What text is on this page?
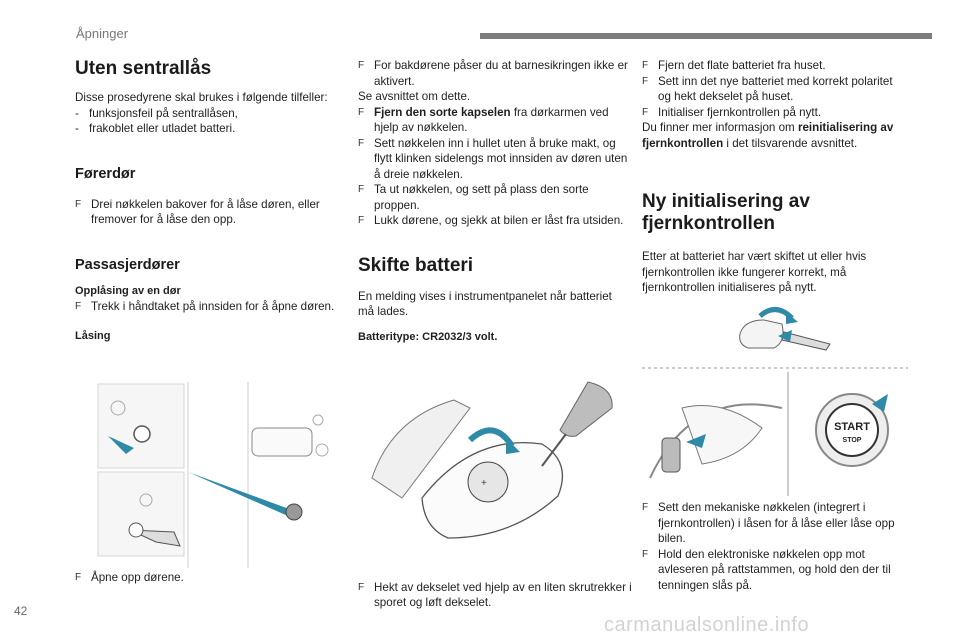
Åpninger
Uten sentrallås

Disse prosedyrene skal brukes i følgende tilfeller:

- funksjonsfeil på sentrallåsen,
- frakoblet eller utladet batteri.
Førerdør
F Drei nøkkelen bakover for å låse døren, eller fremover for å låse den opp.
Passasjerdører
Opplåsing av en dør
F Trekk i håndtaket på innsiden for å åpne døren.
Låsing
F Åpne opp dørene.
F For bakdørene påser du at barnesikringen ikke er aktivert.

Se avsnittet om dette.

F Fjern den sorte kapselen fra dørkarmen ved hjelp av nøkkelen.
F Sett nøkkelen inn i hullet uten å bruke makt, og flytt klinken sidelengs mot innsiden av døren uten å dreie nøkkelen.
F Ta ut nøkkelen, og sett på plass den sorte proppen.
F Lukk dørene, og sjekk at bilen er låst fra utsiden.
Skifte batteri

En melding vises i instrumentpanelet når batteriet må lades.

Batteritype: CR2032/3 volt.

+
F Hekt av dekselet ved hjelp av en liten skrutrekker i sporet og løft dekselet.
F Fjern det flate batteriet fra huset.
F Sett inn det nye batteriet med korrekt polaritet og hekt dekselet på huset.
F Initialiser fjernkontrollen på nytt.

Du finner mer informasjon om reinitialisering av fjernkontrollen i det tilsvarende avsnittet.

Ny initialisering av fjernkontrollen

Etter at batteriet har vært skiftet ut eller hvis fjernkontrollen ikke fungerer korrekt, må fjernkontrollen initialiseres på nytt.

START
STOP
F Sett den mekaniske nøkkelen (integrert i fjernkontrollen) i låsen for å låse eller låse opp bilen.
F Hold den elektroniske nøkkelen opp mot avleseren på rattstammen, og hold den der til tenningen slås på.
42
carmanualsonline.info
